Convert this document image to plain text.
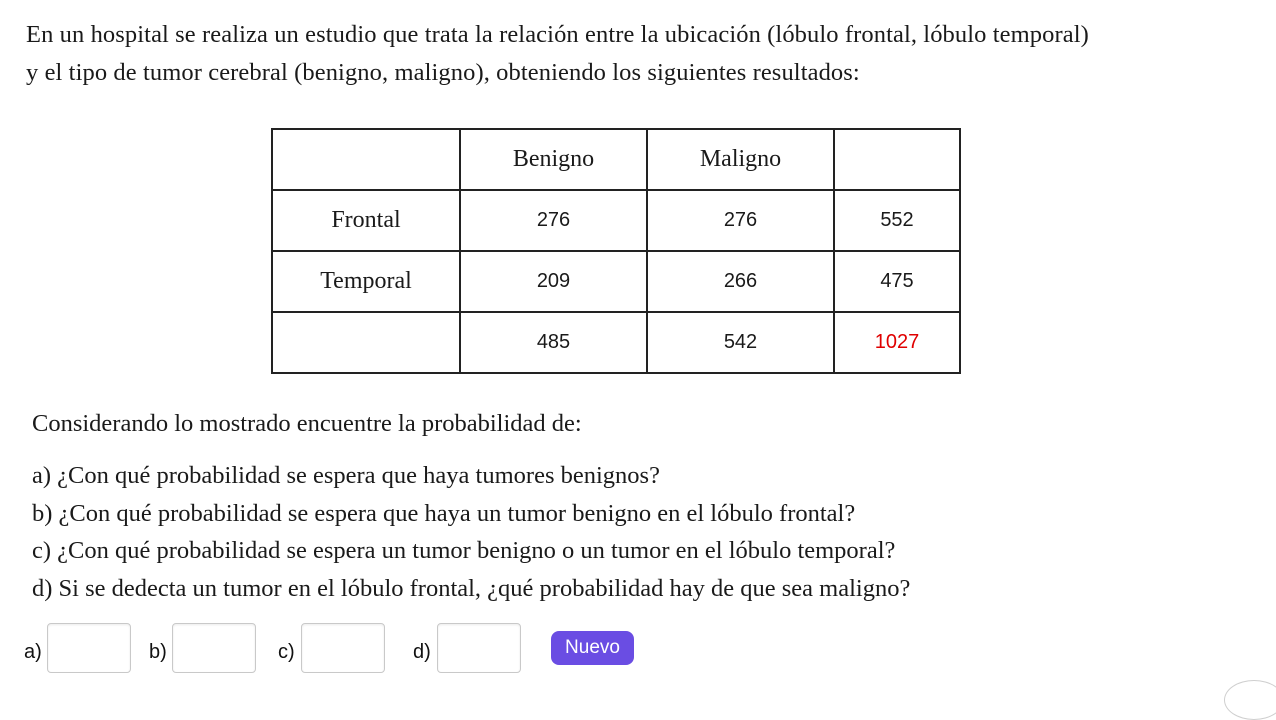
En un hospital se realiza un estudio que trata la relación entre la ubicación (lóbulo frontal, lóbulo temporal)
y el tipo de tumor cerebral (benigno, maligno), obteniendo los siguientes resultados:
	Benigno	Maligno	
Frontal	276	276	552
Temporal	209	266	475
	485	542	1027
Considerando lo mostrado encuentre la probabilidad de:
a) ¿Con qué probabilidad se espera que haya tumores benignos?
b) ¿Con qué probabilidad se espera que haya un tumor benigno en el lóbulo frontal?
c) ¿Con qué probabilidad se espera un tumor benigno o un tumor en el lóbulo temporal?
d) Si se dedecta un tumor en el lóbulo frontal, ¿qué probabilidad hay de que sea maligno?
a)	b)	c)	d)	Nuevo
